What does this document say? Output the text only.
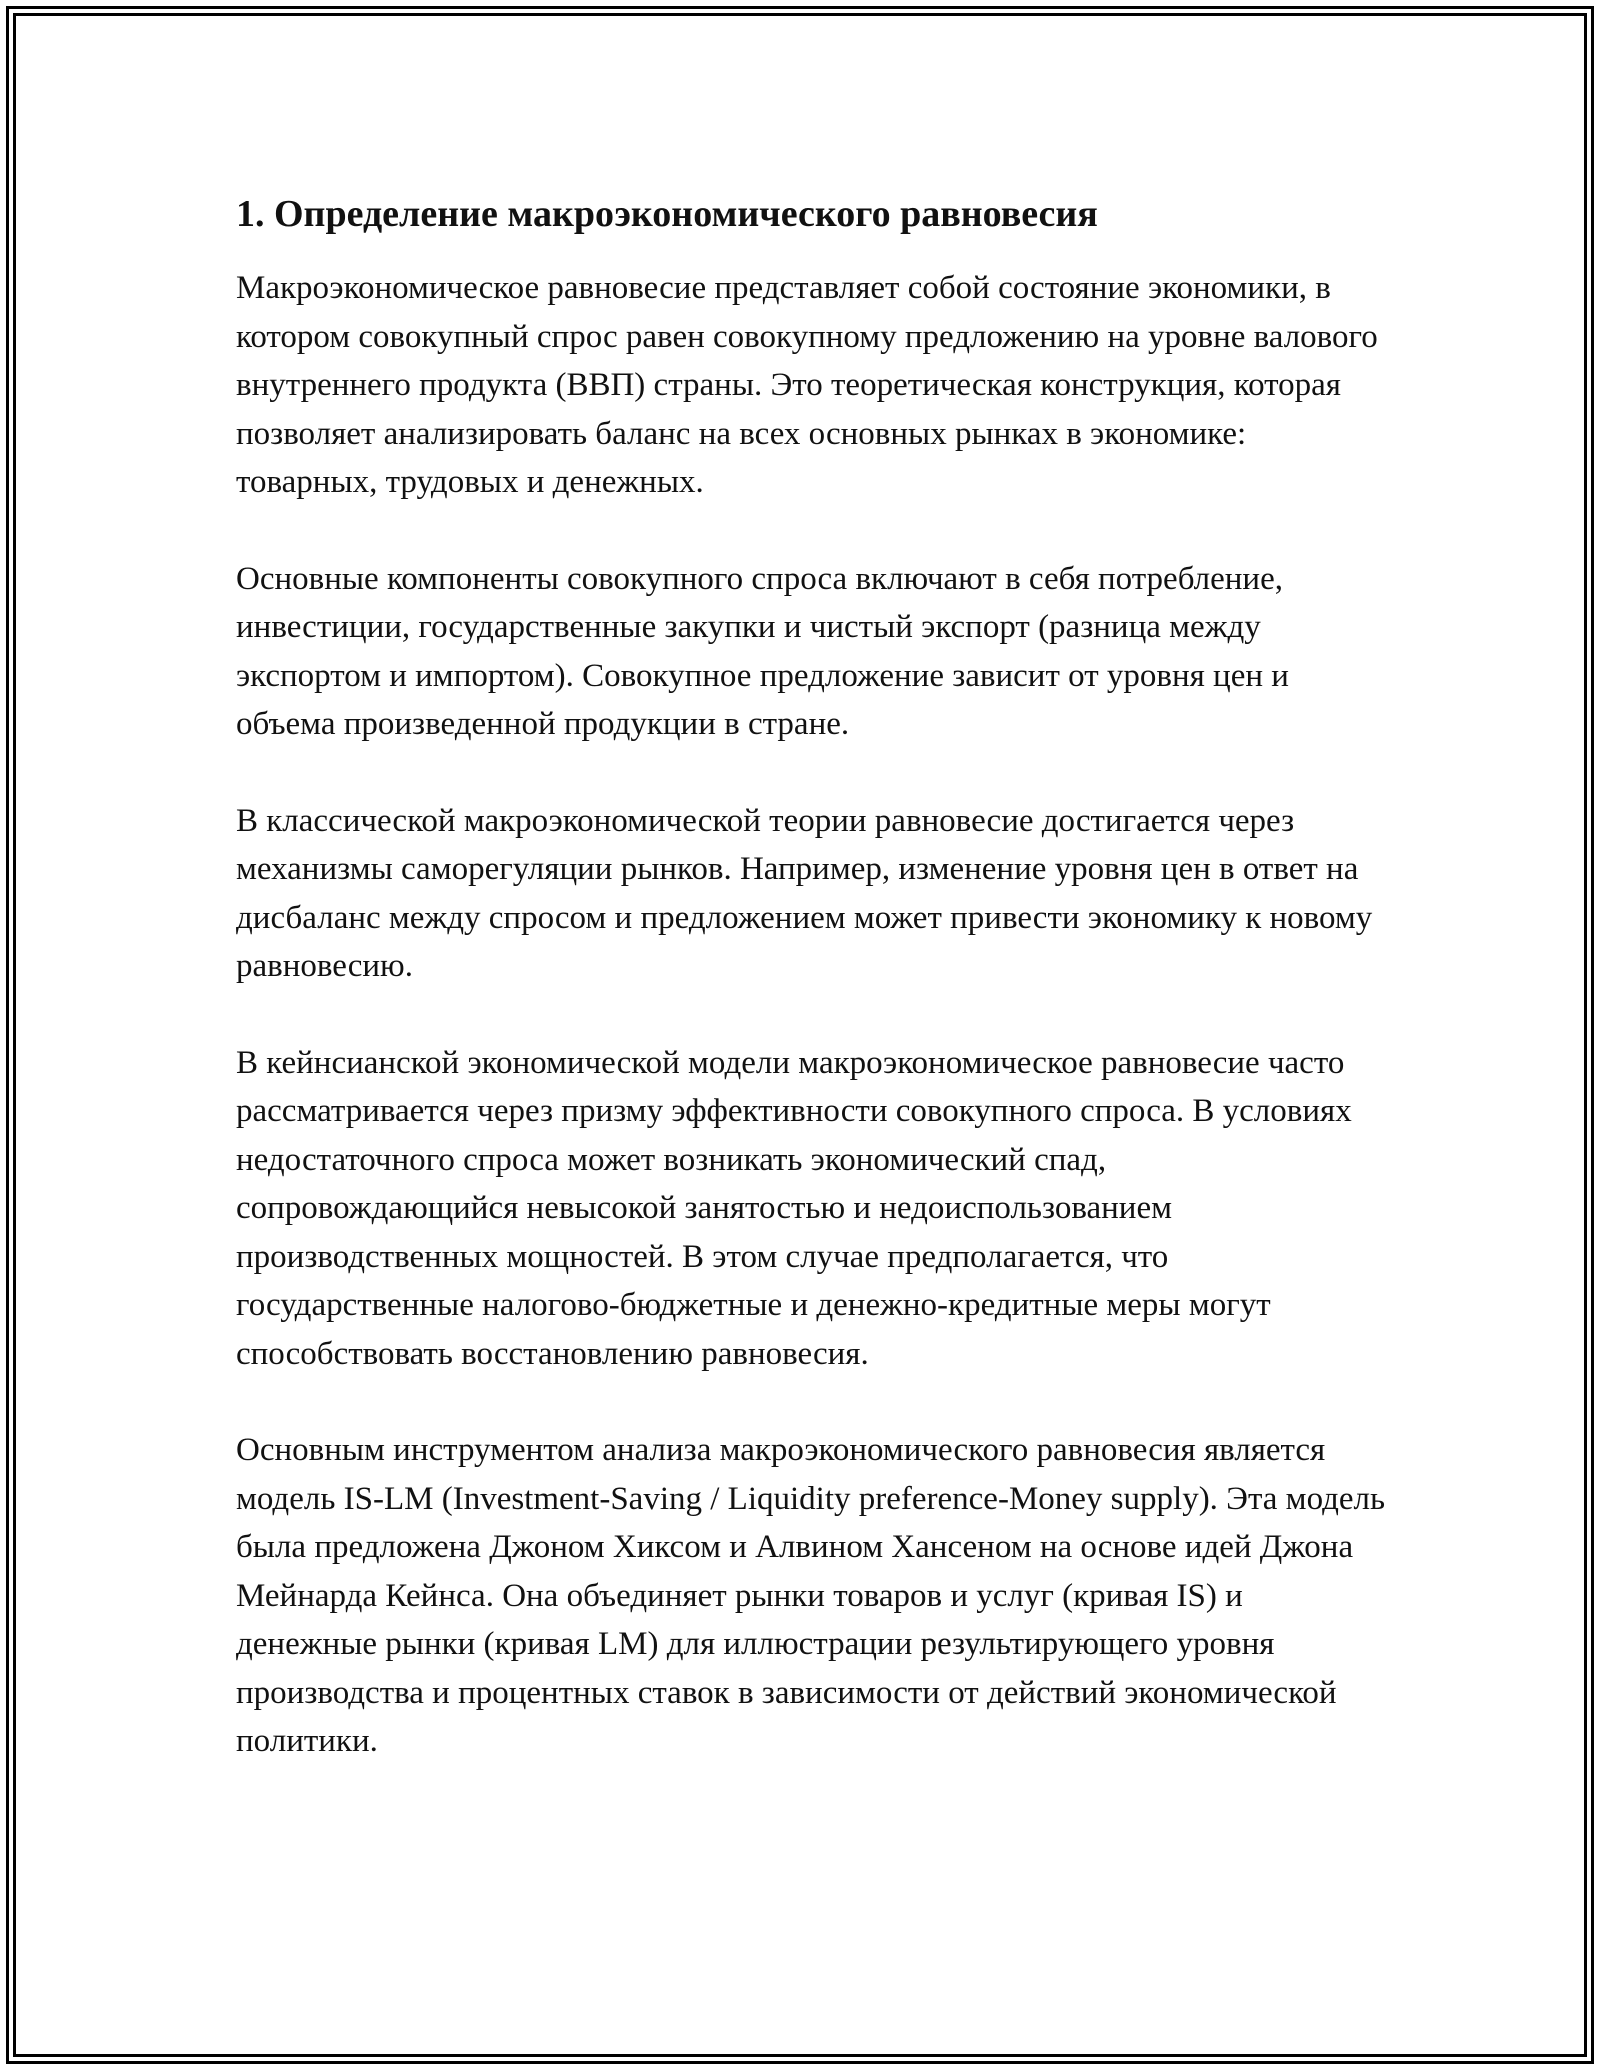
1. Определение макроэкономического равновесия

Макроэкономическое равновесие представляет собой состояние экономики, в котором совокупный спрос равен совокупному предложению на уровне валового внутреннего продукта (ВВП) страны. Это теоретическая конструкция, которая позволяет анализировать баланс на всех основных рынках в экономике: товарных, трудовых и денежных.

Основные компоненты совокупного спроса включают в себя потребление, инвестиции, государственные закупки и чистый экспорт (разница между экспортом и импортом). Совокупное предложение зависит от уровня цен и объема произведенной продукции в стране.

В классической макроэкономической теории равновесие достигается через механизмы саморегуляции рынков. Например, изменение уровня цен в ответ на дисбаланс между спросом и предложением может привести экономику к новому равновесию.

В кейнсианской экономической модели макроэкономическое равновесие часто рассматривается через призму эффективности совокупного спроса. В условиях недостаточного спроса может возникать экономический спад, сопровождающийся невысокой занятостью и недоиспользованием производственных мощностей. В этом случае предполагается, что государственные налогово-бюджетные и денежно-кредитные меры могут способствовать восстановлению равновесия.

Основным инструментом анализа макроэкономического равновесия является модель IS-LM (Investment-Saving / Liquidity preference-Money supply). Эта модель была предложена Джоном Хиксом и Алвином Хансеном на основе идей Джона Мейнарда Кейнса. Она объединяет рынки товаров и услуг (кривая IS) и денежные рынки (кривая LM) для иллюстрации результирующего уровня производства и процентных ставок в зависимости от действий экономической политики.
